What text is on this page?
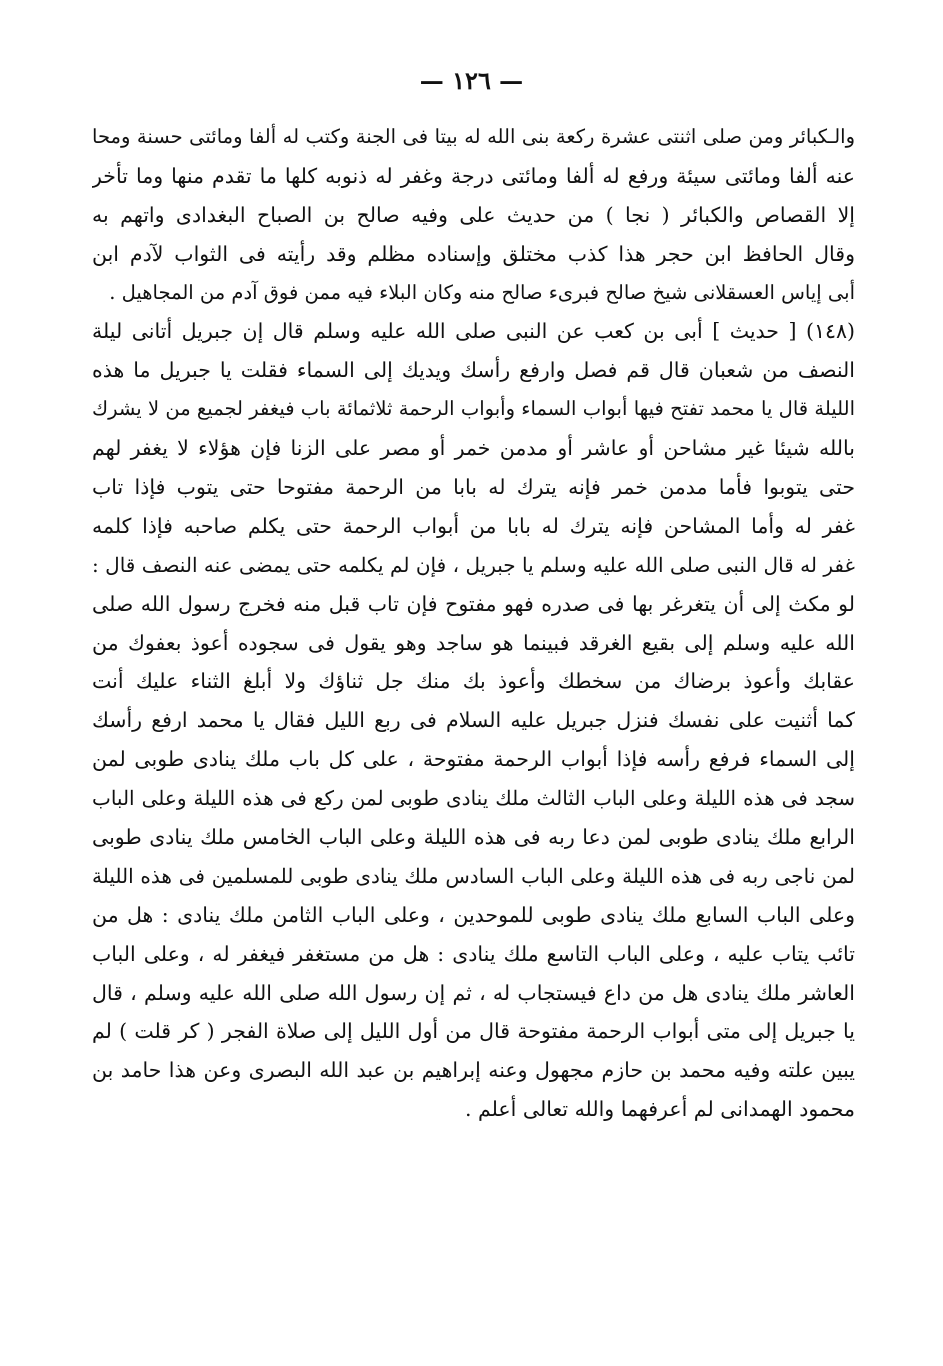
— ١٢٦ —
والـكبائر ومن صلى اثنتى عشرة ركعة بنى الله له بيتا فى الجنة وكتب له ألفا ومائتى حسنة ومحا
عنه ألفا ومائتى سيئة ورفع له ألفا ومائتى درجة وغفر له ذنوبه كلها ما تقدم منها وما تأخر
إلا القصاص والكبائر ( نجا ) من حديث على وفيه صالح بن الصباح البغدادى واتهم به
وقال الحافظ ابن حجر هذا كذب مختلق وإسناده مظلم وقد رأيته فى الثواب لآدم ابن
أبى إياس العسقلانى شيخ صالح فبرىء صالح منه وكان البلاء فيه ممن فوق آدم من المجاهيل .
(١٤٨) [ حديث ] أبى بن كعب عن النبى صلى الله عليه وسلم قال إن جبريل أتانى ليلة
النصف من شعبان قال قم فصل وارفع رأسك ويديك إلى السماء فقلت يا جبريل ما هذه
الليلة قال يا محمد تفتح فيها أبواب السماء وأبواب الرحمة ثلاثمائة باب فيغفر لجميع من لا يشرك
بالله شيئا غير مشاحن أو عاشر أو مدمن خمر أو مصر على الزنا فإن هؤلاء لا يغفر لهم
حتى يتوبوا فأما مدمن خمر فإنه يترك له بابا من الرحمة مفتوحا حتى يتوب فإذا تاب
غفر له وأما المشاحن فإنه يترك له بابا من أبواب الرحمة حتى يكلم صاحبه فإذا كلمه
غفر له قال النبى صلى الله عليه وسلم يا جبريل ، فإن لم يكلمه حتى يمضى عنه النصف قال :
لو مكث إلى أن يتغرغر بها فى صدره فهو مفتوح فإن تاب قبل منه فخرج رسول الله صلى
الله عليه وسلم إلى بقيع الغرقد فبينما هو ساجد وهو يقول فى سجوده أعوذ بعفوك من
عقابك وأعوذ برضاك من سخطك وأعوذ بك منك جل ثناؤك ولا أبلغ الثناء عليك أنت
كما أثنيت على نفسك فنزل جبريل عليه السلام فى ربع الليل فقال يا محمد ارفع رأسك
إلى السماء فرفع رأسه فإذا أبواب الرحمة مفتوحة ، على كل باب ملك ينادى طوبى لمن
سجد فى هذه الليلة وعلى الباب الثالث ملك ينادى طوبى لمن ركع فى هذه الليلة وعلى الباب
الرابع ملك ينادى طوبى لمن دعا ربه فى هذه الليلة وعلى الباب الخامس ملك ينادى طوبى
لمن ناجى ربه فى هذه الليلة وعلى الباب السادس ملك ينادى طوبى للمسلمين فى هذه الليلة
وعلى الباب السابع ملك ينادى طوبى للموحدين ، وعلى الباب الثامن ملك ينادى : هل من
تائب يتاب عليه ، وعلى الباب التاسع ملك ينادى : هل من مستغفر فيغفر له ، وعلى الباب
العاشر ملك ينادى هل من داع فيستجاب له ، ثم إن رسول الله صلى الله عليه وسلم ، قال
يا جبريل إلى متى أبواب الرحمة مفتوحة قال من أول الليل إلى صلاة الفجر ( كر قلت ) لم
يبين علته وفيه محمد بن حازم مجهول وعنه إبراهيم بن عبد الله البصرى وعن هذا حامد بن
محمود الهمدانى لم أعرفهما والله تعالى أعلم .
